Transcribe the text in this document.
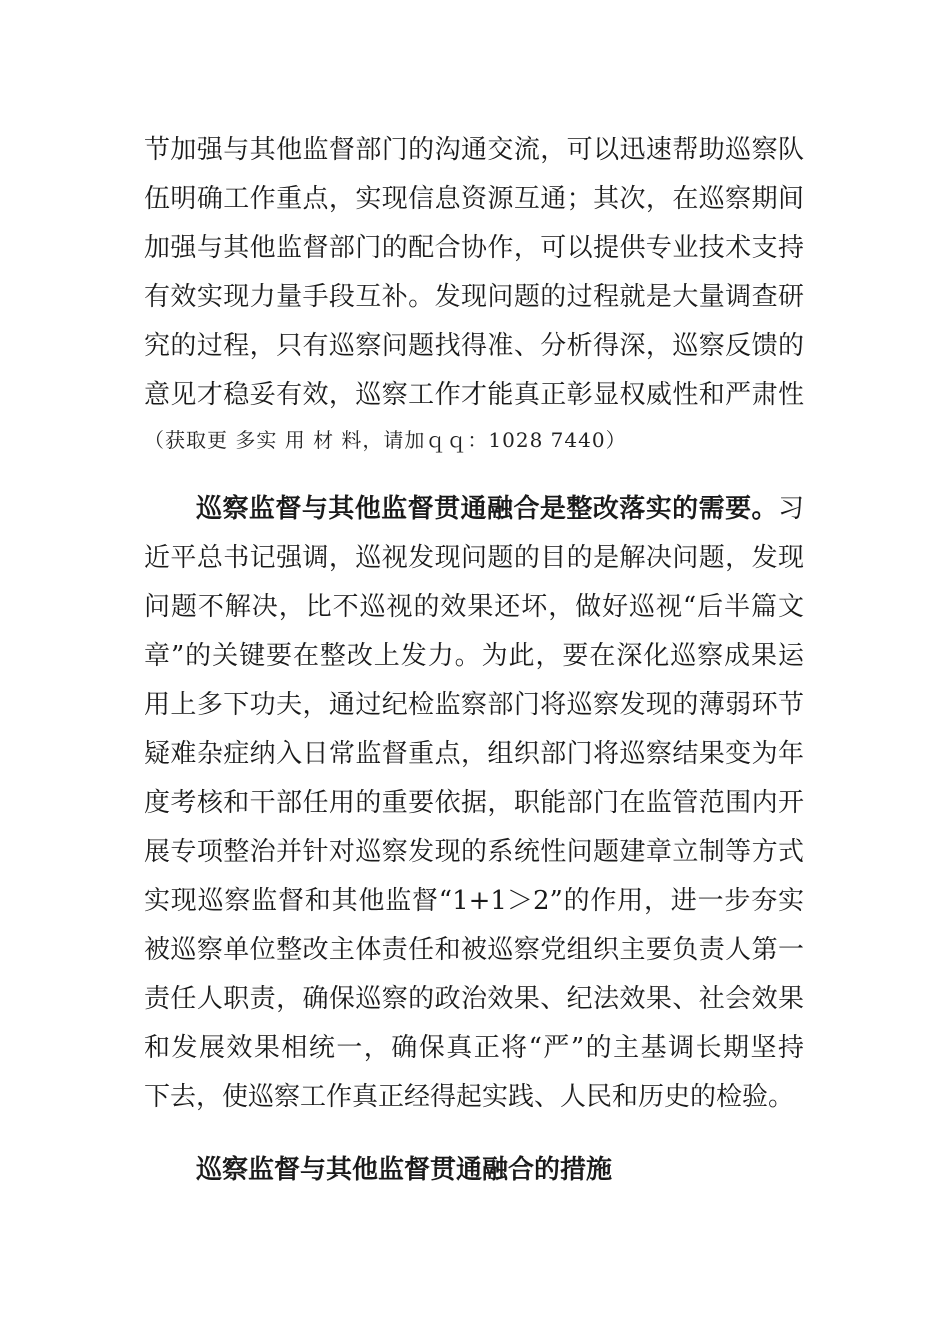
节加强与其他监督部门的沟通交流，可以迅速帮助巡察队
伍明确工作重点，实现信息资源互通；其次，在巡察期间
加强与其他监督部门的配合协作，可以提供专业技术支持
有效实现力量手段互补。发现问题的过程就是大量调查研
究的过程，只有巡察问题找得准、分析得深，巡察反馈的
意见才稳妥有效，巡察工作才能真正彰显权威性和严肃性
（获取更 多实 用 材 料，请加ｑｑ：1028 7440）
巡察监督与其他监督贯通融合是整改落实的需要。习
近平总书记强调，巡视发现问题的目的是解决问题，发现
问题不解决，比不巡视的效果还坏，做好巡视“后半篇文
章”的关键要在整改上发力。为此，要在深化巡察成果运
用上多下功夫，通过纪检监察部门将巡察发现的薄弱环节
疑难杂症纳入日常监督重点，组织部门将巡察结果变为年
度考核和干部任用的重要依据，职能部门在监管范围内开
展专项整治并针对巡察发现的系统性问题建章立制等方式
实现巡察监督和其他监督“1+1＞2”的作用，进一步夯实
被巡察单位整改主体责任和被巡察党组织主要负责人第一
责任人职责，确保巡察的政治效果、纪法效果、社会效果
和发展效果相统一，确保真正将“严”的主基调长期坚持
下去，使巡察工作真正经得起实践、人民和历史的检验。
巡察监督与其他监督贯通融合的措施
